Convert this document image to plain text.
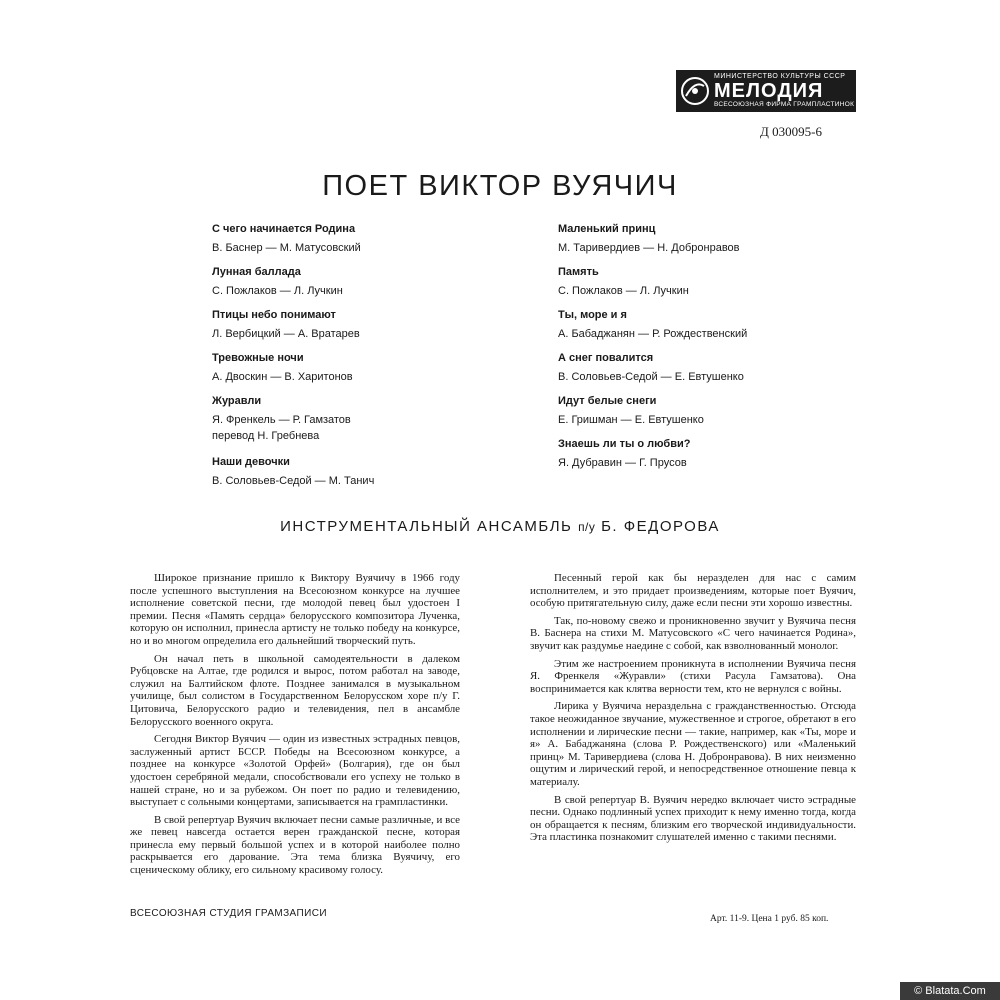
МИНИСТЕРСТВО КУЛЬТУРЫ СССР
МЕЛОДИЯ
ВСЕСОЮЗНАЯ ФИРМА ГРАМПЛАСТИНОК
Д 030095-6
ПОЕТ ВИКТОР ВУЯЧИЧ
С чего начинается Родина
В. Баснер — М. Матусовский
Лунная баллада
С. Пожлаков — Л. Лучкин
Птицы небо понимают
Л. Вербицкий — А. Вратарев
Тревожные ночи
А. Двоскин — В. Харитонов
Журавли
Я. Френкель — Р. Гамзатов
перевод Н. Гребнева
Наши девочки
В. Соловьев-Седой — М. Танич
Маленький принц
М. Таривердиев — Н. Добронравов
Память
С. Пожлаков — Л. Лучкин
Ты, море и я
А. Бабаджанян — Р. Рождественский
А снег повалится
В. Соловьев-Седой — Е. Евтушенко
Идут белые снеги
Е. Гришман — Е. Евтушенко
Знаешь ли ты о любви?
Я. Дубравин — Г. Прусов
ИНСТРУМЕНТАЛЬНЫЙ АНСАМБЛЬ п/у Б. ФЕДОРОВА

Широкое признание пришло к Виктору Вуячичу в 1966 году после успешного выступления на Всесоюзном конкурсе на лучшее исполнение советской песни, где молодой певец был удостоен I премии. Песня «Память сердца» белорусского композитора Лученка, которую он исполнил, принесла артисту не только победу на конкурсе, но и во многом определила его дальнейший творческий путь.

Он начал петь в школьной самодеятельности в далеком Рубцовске на Алтае, где родился и вырос, потом работал на заводе, служил на Балтийском флоте. Позднее занимался в музыкальном училище, был солистом в Государственном Белорусском хоре п/у Г. Цитовича, Белорусского радио и телевидения, пел в ансамбле Белорусского военного округа.

Сегодня Виктор Вуячич — один из известных эстрадных певцов, заслуженный артист БССР. Победы на Всесоюзном конкурсе, а позднее на конкурсе «Золотой Орфей» (Болгария), где он был удостоен серебряной медали, способствовали его успеху не только в нашей стране, но и за рубежом. Он поет по радио и телевидению, выступает с сольными концертами, записывается на грампластинки.

В свой репертуар Вуячич включает песни самые различные, и все же певец навсегда остается верен гражданской песне, которая принесла ему первый большой успех и в которой наиболее полно раскрывается его дарование. Эта тема близка Вуячичу, его сценическому облику, его сильному красивому голосу.

Песенный герой как бы неразделен для нас с самим исполнителем, и это придает произведениям, которые поет Вуячич, особую притягательную силу, даже если песни эти хорошо известны.

Так, по-новому свежо и проникновенно звучит у Вуячича песня В. Баснера на стихи М. Матусовского «С чего начинается Родина», звучит как раздумье наедине с собой, как взволнованный монолог.

Этим же настроением проникнута в исполнении Вуячича песня Я. Френкеля «Журавли» (стихи Расула Гамзатова). Она воспринимается как клятва верности тем, кто не вернулся с войны.

Лирика у Вуячича нераздельна с гражданственностью. Отсюда такое неожиданное звучание, мужественное и строгое, обретают в его исполнении и лирические песни — такие, например, как «Ты, море и я» А. Бабаджаняна (слова Р. Рождественского) или «Маленький принц» М. Таривердиева (слова Н. Добронравова). В них неизменно ощутим и лирический герой, и непосредственное отношение певца к материалу.

В свой репертуар В. Вуячич нередко включает чисто эстрадные песни. Однако подлинный успех приходит к нему именно тогда, когда он обращается к песням, близким его творческой индивидуальности. Эта пластинка познакомит слушателей именно с такими песнями.

ВСЕСОЮЗНАЯ СТУДИЯ ГРАМЗАПИСИ	Арт. 11-9. Цена 1 руб. 85 коп.
© Blatata.Com
